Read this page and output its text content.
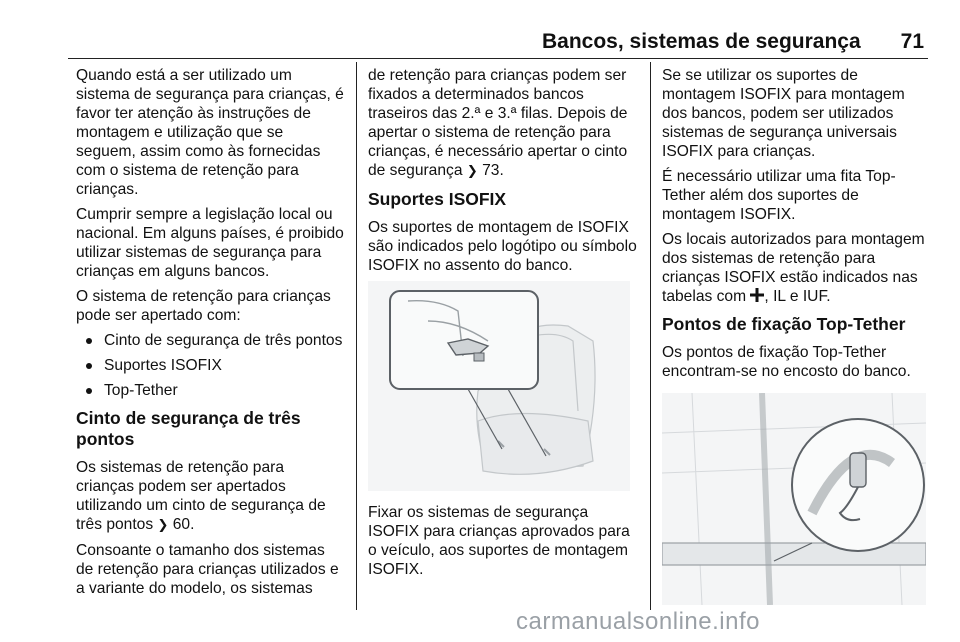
Bancos, sistemas de segurança 71

Quando está a ser utilizado um sistema de segurança para crianças, é favor ter atenção às instruções de montagem e utilização que se seguem, assim como às fornecidas com o sistema de retenção para crianças.

Cumprir sempre a legislação local ou nacional. Em alguns países, é proibido utilizar sistemas de segurança para crianças em alguns bancos.

O sistema de retenção para crianças pode ser apertado com:

Cinto de segurança de três pontos
Suportes ISOFIX
Top-Tether
Cinto de segurança de três pontos

Os sistemas de retenção para crianças podem ser apertados utilizando um cinto de segurança de três pontos ❯ 60.

Consoante o tamanho dos sistemas de retenção para crianças utilizados e a variante do modelo, os sistemas

de retenção para crianças podem ser fixados a determinados bancos traseiros das 2.ª e 3.ª filas. Depois de apertar o sistema de retenção para crianças, é necessário apertar o cinto de segurança ❯ 73.

Suportes ISOFIX

Os suportes de montagem de ISOFIX são indicados pelo logótipo ou símbolo ISOFIX no assento do banco.

Fixar os sistemas de segurança ISOFIX para crianças aprovados para o veículo, aos suportes de montagem ISOFIX.

Se se utilizar os suportes de montagem ISOFIX para montagem dos bancos, podem ser utilizados sistemas de segurança universais ISOFIX para crianças.

É necessário utilizar uma fita Top-Tether além dos suportes de montagem ISOFIX.

Os locais autorizados para montagem dos sistemas de retenção para crianças ISOFIX estão indicados nas tabelas com , IL e IUF.

Pontos de fixação Top-Tether

Os pontos de fixação Top-Tether encontram-se no encosto do banco.

carmanualsonline.info
